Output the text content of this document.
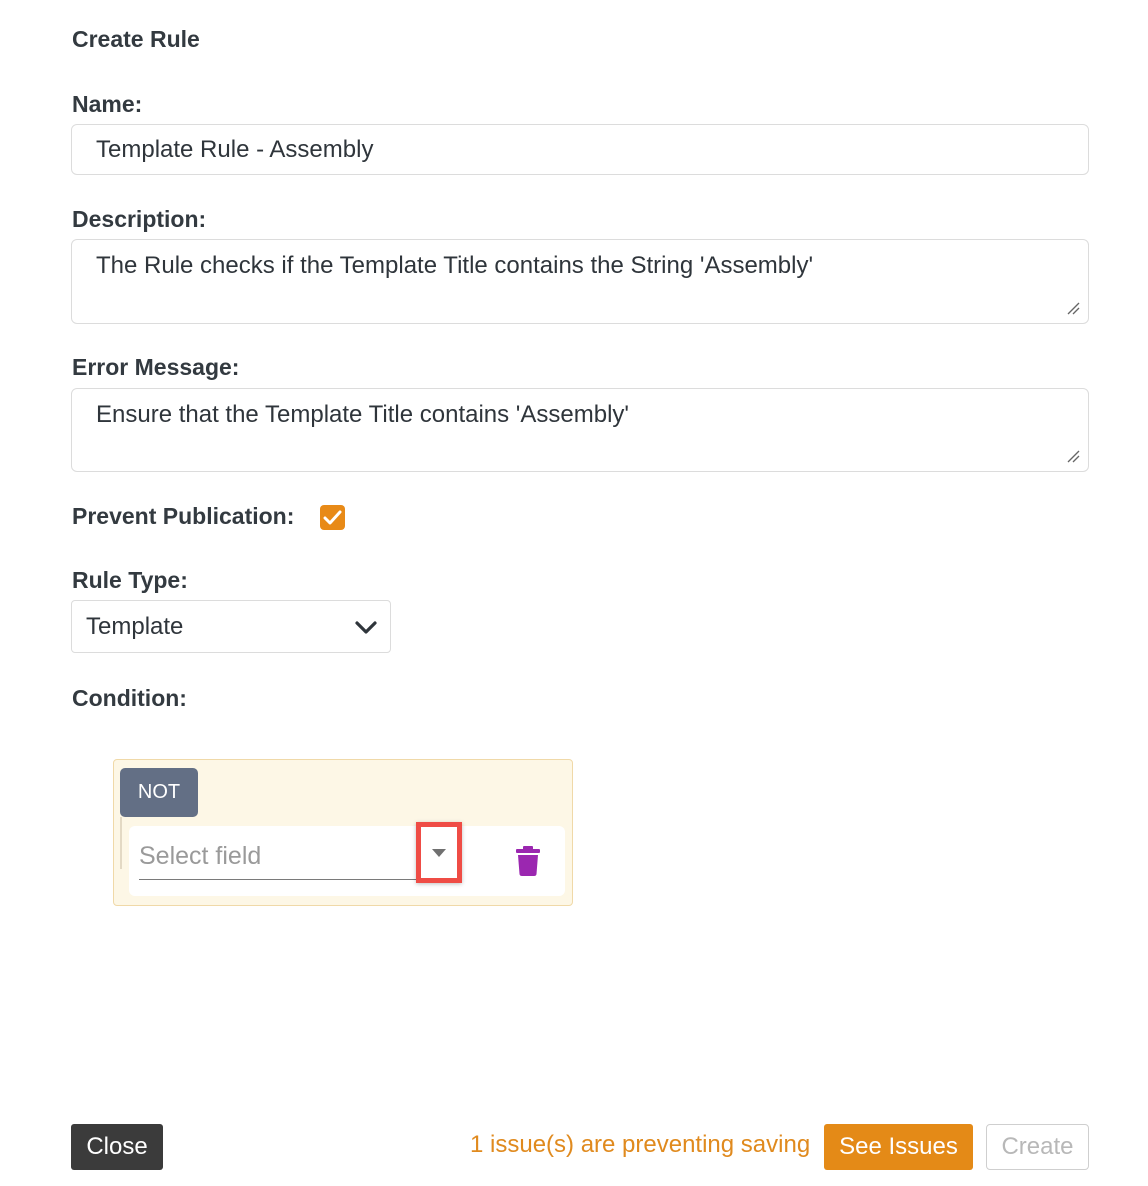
Create Rule
Name:
Template Rule - Assembly
Description:
The Rule checks if the Template Title contains the String 'Assembly'
Error Message:
Ensure that the Template Title contains 'Assembly'
Prevent Publication:
Rule Type:
Template
Condition:
NOT
Select field
Close	1 issue(s) are preventing saving	See Issues	Create
